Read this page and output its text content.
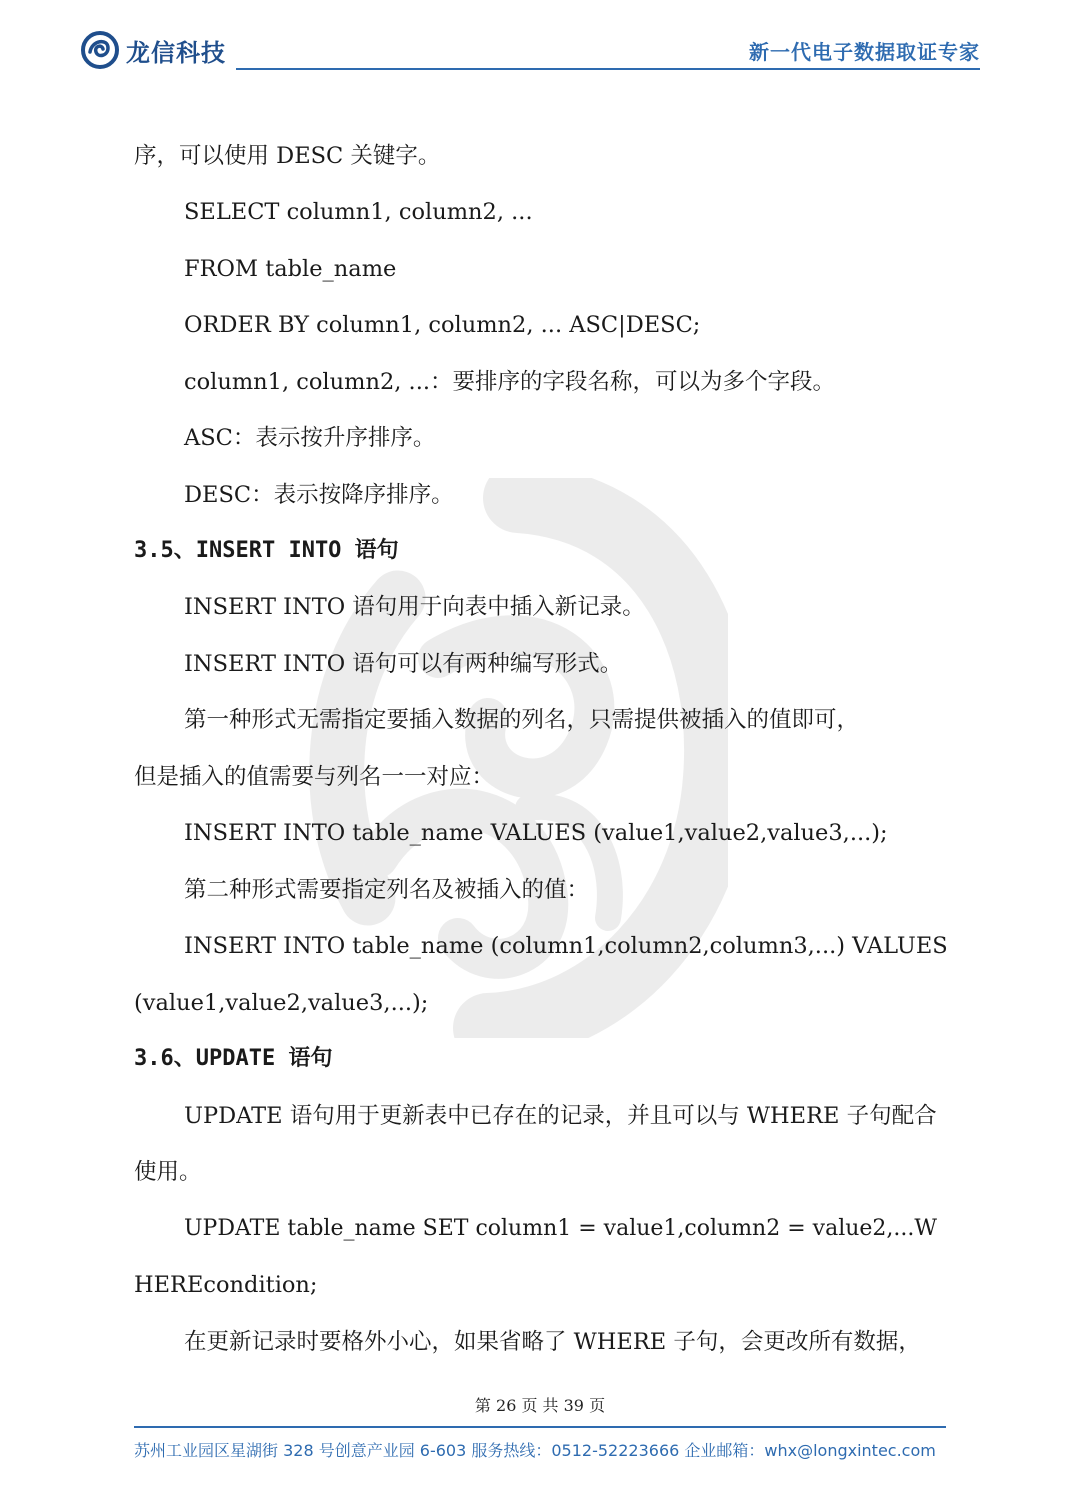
龙信科技	新一代电子数据取证专家
序，可以使用 DESC 关键字。
SELECT column1, column2, ...
FROM table_name
ORDER BY column1, column2, ... ASC|DESC;
column1, column2, ...：要排序的字段名称，可以为多个字段。
ASC：表示按升序排序。
DESC：表示按降序排序。
3.5、INSERT INTO 语句
INSERT INTO 语句用于向表中插入新记录。
INSERT INTO 语句可以有两种编写形式。
第一种形式无需指定要插入数据的列名，只需提供被插入的值即可，
但是插入的值需要与列名一一对应：
INSERT INTO table_name VALUES (value1,value2,value3,...);
第二种形式需要指定列名及被插入的值：
INSERT INTO table_name (column1,column2,column3,...) VALUES
(value1,value2,value3,...);
3.6、UPDATE 语句
UPDATE 语句用于更新表中已存在的记录，并且可以与 WHERE 子句配合
使用。
UPDATE table_name SET column1 = value1,column2 = value2,...W
HEREcondition;
在更新记录时要格外小心，如果省略了 WHERE 子句，会更改所有数据，
第 26 页 共 39 页
苏州工业园区星湖街 328 号创意产业园 6-603 服务热线：0512-52223666 企业邮箱：whx@longxintec.com
